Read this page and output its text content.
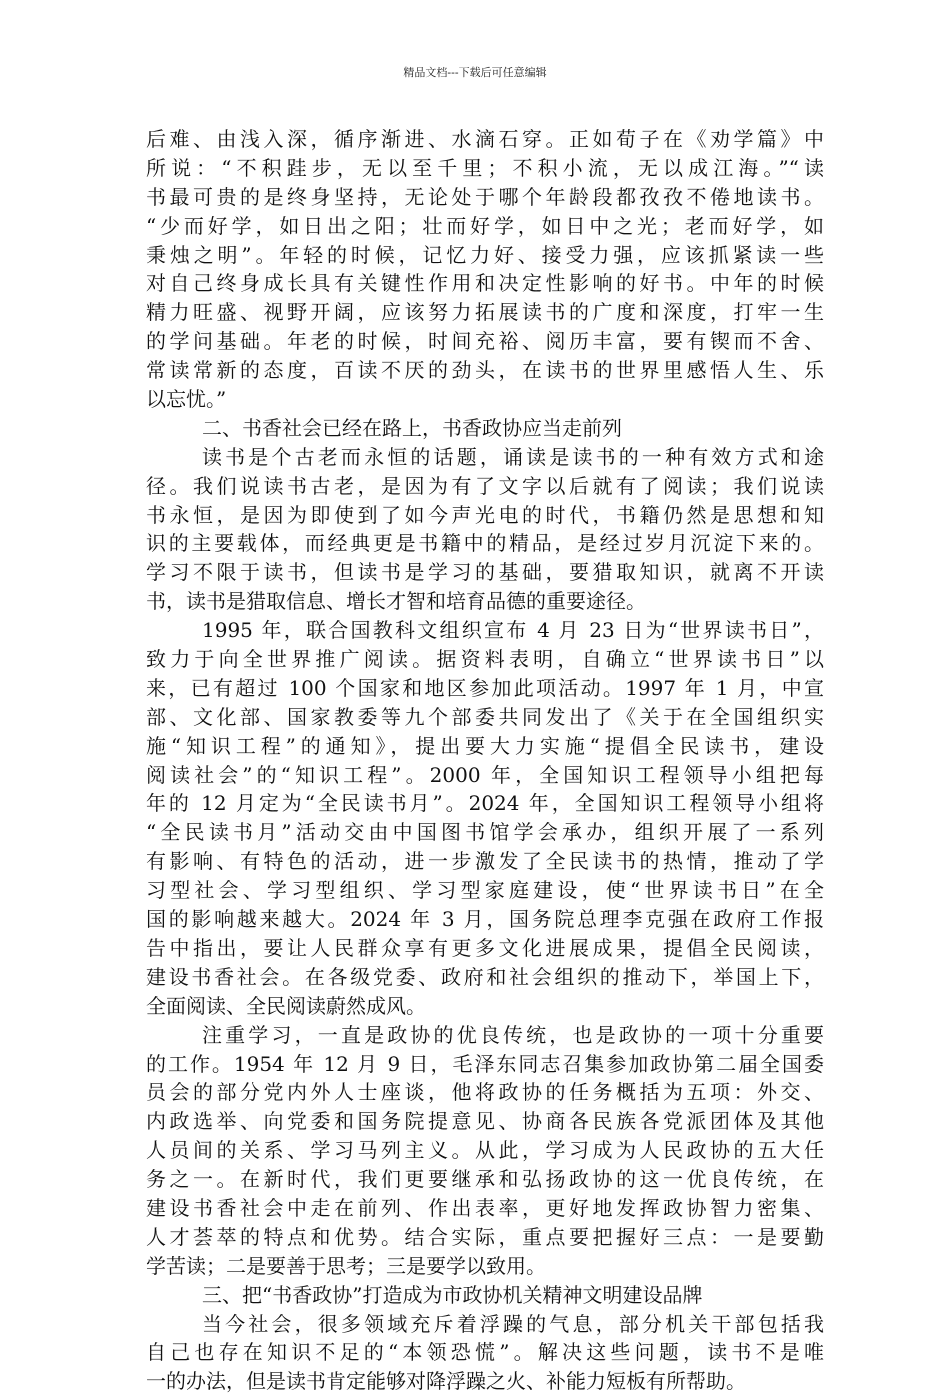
精品文档---下载后可任意编辑
后难、由浅入深，循序渐进、水滴石穿。正如荀子在《劝学篇》中
所说：“不积跬步，无以至千里；不积小流，无以成江海。”“读
书最可贵的是终身坚持，无论处于哪个年龄段都孜孜不倦地读书。
“少而好学，如日出之阳；壮而好学，如日中之光；老而好学，如
秉烛之明”。年轻的时候，记忆力好、接受力强，应该抓紧读一些
对自己终身成长具有关键性作用和决定性影响的好书。中年的时候
精力旺盛、视野开阔，应该努力拓展读书的广度和深度，打牢一生
的学问基础。年老的时候，时间充裕、阅历丰富，要有锲而不舍、
常读常新的态度，百读不厌的劲头，在读书的世界里感悟人生、乐
以忘忧。”
二、书香社会已经在路上，书香政协应当走前列
读书是个古老而永恒的话题，诵读是读书的一种有效方式和途
径。我们说读书古老，是因为有了文字以后就有了阅读；我们说读
书永恒，是因为即使到了如今声光电的时代，书籍仍然是思想和知
识的主要载体，而经典更是书籍中的精品，是经过岁月沉淀下来的。
学习不限于读书，但读书是学习的基础，要猎取知识，就离不开读
书，读书是猎取信息、增长才智和培育品德的重要途径。
1995 年，联合国教科文组织宣布 4 月 23 日为“世界读书日”，
致力于向全世界推广阅读。据资料表明，自确立“世界读书日”以
来，已有超过 100 个国家和地区参加此项活动。1997 年 1 月，中宣
部、文化部、国家教委等九个部委共同发出了《关于在全国组织实
施“知识工程”的通知》，提出要大力实施“提倡全民读书，建设
阅读社会”的“知识工程”。2000 年，全国知识工程领导小组把每
年的 12 月定为“全民读书月”。2024 年，全国知识工程领导小组将
“全民读书月”活动交由中国图书馆学会承办，组织开展了一系列
有影响、有特色的活动，进一步激发了全民读书的热情，推动了学
习型社会、学习型组织、学习型家庭建设，使“世界读书日”在全
国的影响越来越大。2024 年 3 月，国务院总理李克强在政府工作报
告中指出，要让人民群众享有更多文化进展成果，提倡全民阅读，
建设书香社会。在各级党委、政府和社会组织的推动下，举国上下，
全面阅读、全民阅读蔚然成风。
注重学习，一直是政协的优良传统，也是政协的一项十分重要
的工作。1954 年 12 月 9 日，毛泽东同志召集参加政协第二届全国委
员会的部分党内外人士座谈，他将政协的任务概括为五项：外交、
内政选举、向党委和国务院提意见、协商各民族各党派团体及其他
人员间的关系、学习马列主义。从此，学习成为人民政协的五大任
务之一。在新时代，我们更要继承和弘扬政协的这一优良传统，在
建设书香社会中走在前列、作出表率，更好地发挥政协智力密集、
人才荟萃的特点和优势。结合实际，重点要把握好三点：一是要勤
学苦读；二是要善于思考；三是要学以致用。
三、把“书香政协”打造成为市政协机关精神文明建设品牌
当今社会，很多领域充斥着浮躁的气息，部分机关干部包括我
自己也存在知识不足的“本领恐慌”。解决这些问题，读书不是唯
一的办法，但是读书肯定能够对降浮躁之火、补能力短板有所帮助。
